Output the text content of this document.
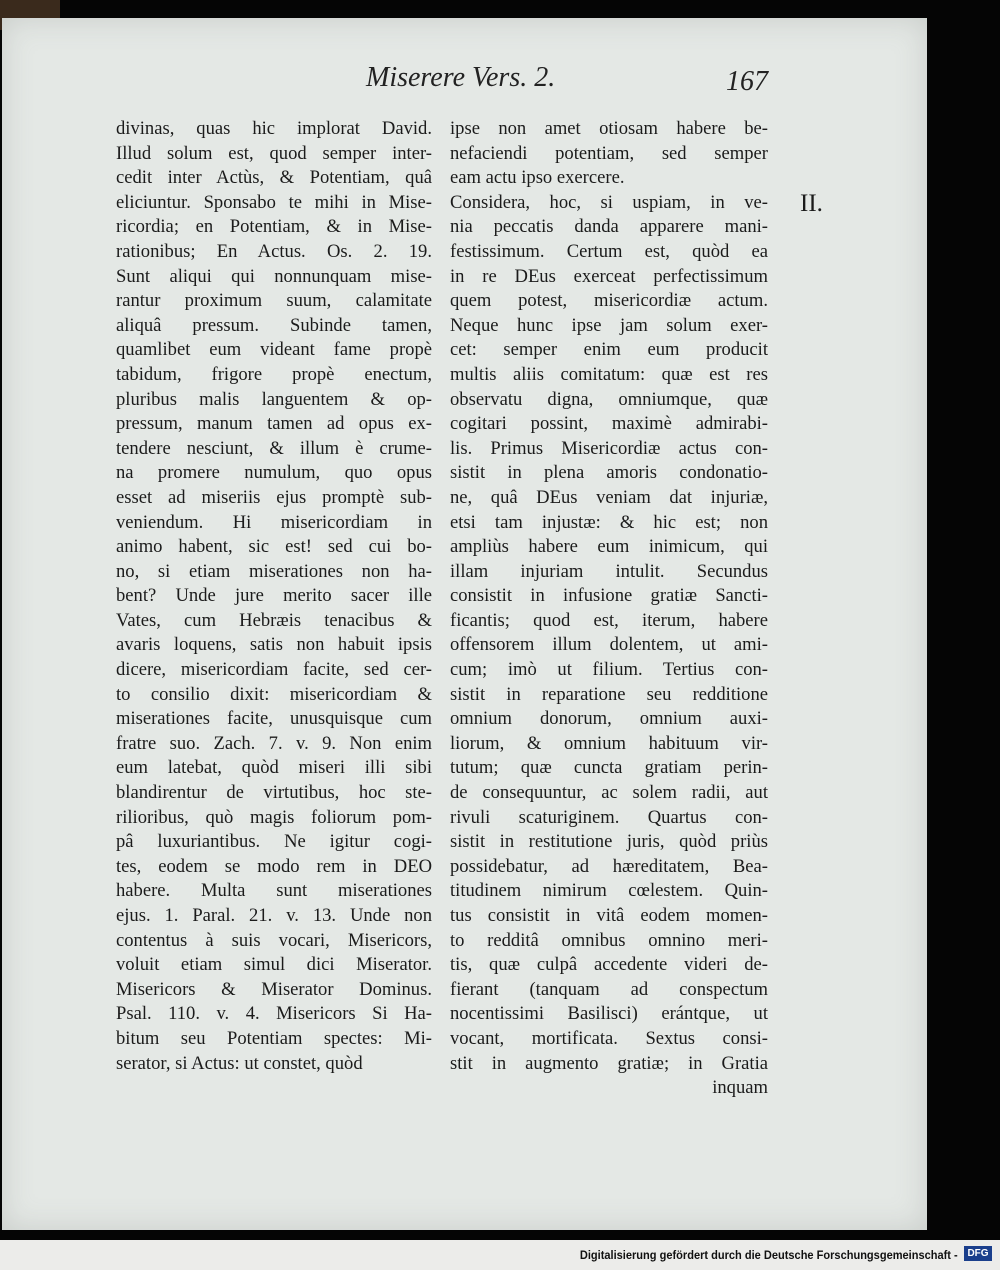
Miserere Vers. 2.	167
divinas, quas hic implorat David.
Illud solum est, quod semper inter-
cedit inter Actùs, & Potentiam, quâ
eliciuntur. Sponsabo te mihi in Mise-
ricordia; en Potentiam, & in Mise-
rationibus; En Actus. Os. 2. 19.
Sunt aliqui qui nonnunquam mise-
rantur proximum suum, calamitate
aliquâ pressum. Subinde tamen,
quamlibet eum videant fame propè
tabidum, frigore propè enectum,
pluribus malis languentem & op-
pressum, manum tamen ad opus ex-
tendere nesciunt, & illum è crume-
na promere numulum, quo opus
esset ad miseriis ejus promptè sub-
veniendum. Hi misericordiam in
animo habent, sic est! sed cui bo-
no, si etiam miserationes non ha-
bent? Unde jure merito sacer ille
Vates, cum Hebræis tenacibus &
avaris loquens, satis non habuit ipsis
dicere, misericordiam facite, sed cer-
to consilio dixit: misericordiam &
miserationes facite, unusquisque cum
fratre suo. Zach. 7. v. 9. Non enim
eum latebat, quòd miseri illi sibi
blandirentur de virtutibus, hoc ste-
rilioribus, quò magis foliorum pom-
pâ luxuriantibus. Ne igitur cogi-
tes, eodem se modo rem in DEO
habere. Multa sunt miserationes
ejus. 1. Paral. 21. v. 13. Unde non
contentus à suis vocari, Misericors,
voluit etiam simul dici Miserator.
Misericors & Miserator Dominus.
Psal. 110. v. 4. Misericors Si Ha-
bitum seu Potentiam spectes: Mi-
serator, si Actus: ut constet, quòd
ipse non amet otiosam habere be-
nefaciendi potentiam, sed semper
eam actu ipso exercere.
Considera, hoc, si uspiam, in ve-
nia peccatis danda apparere mani-
festissimum. Certum est, quòd ea
in re DEus exerceat perfectissimum
quem potest, misericordiæ actum.
Neque hunc ipse jam solum exer-
cet: semper enim eum producit
multis aliis comitatum: quæ est res
observatu digna, omniumque, quæ
cogitari possint, maximè admirabi-
lis. Primus Misericordiæ actus con-
sistit in plena amoris condonatio-
ne, quâ DEus veniam dat injuriæ,
etsi tam injustæ: & hic est; non
ampliùs habere eum inimicum, qui
illam injuriam intulit. Secundus
consistit in infusione gratiæ Sancti-
ficantis; quod est, iterum, habere
offensorem illum dolentem, ut ami-
cum; imò ut filium. Tertius con-
sistit in reparatione seu redditione
omnium donorum, omnium auxi-
liorum, & omnium habituum vir-
tutum; quæ cuncta gratiam perin-
de consequuntur, ac solem radii, aut
rivuli scaturiginem. Quartus con-
sistit in restitutione juris, quòd priùs
possidebatur, ad hæreditatem, Bea-
titudinem nimirum cœlestem. Quin-
tus consistit in vitâ eodem momen-
to redditâ omnibus omnino meri-
tis, quæ culpâ accedente videri de-
fierant (tanquam ad conspectum
nocentissimi Basilisci) erántque, ut
vocant, mortificata. Sextus consi-
stit in augmento gratiæ; in Gratia
inquam
II.
Digitalisierung gefördert durch die Deutsche Forschungsgemeinschaft - DFG
